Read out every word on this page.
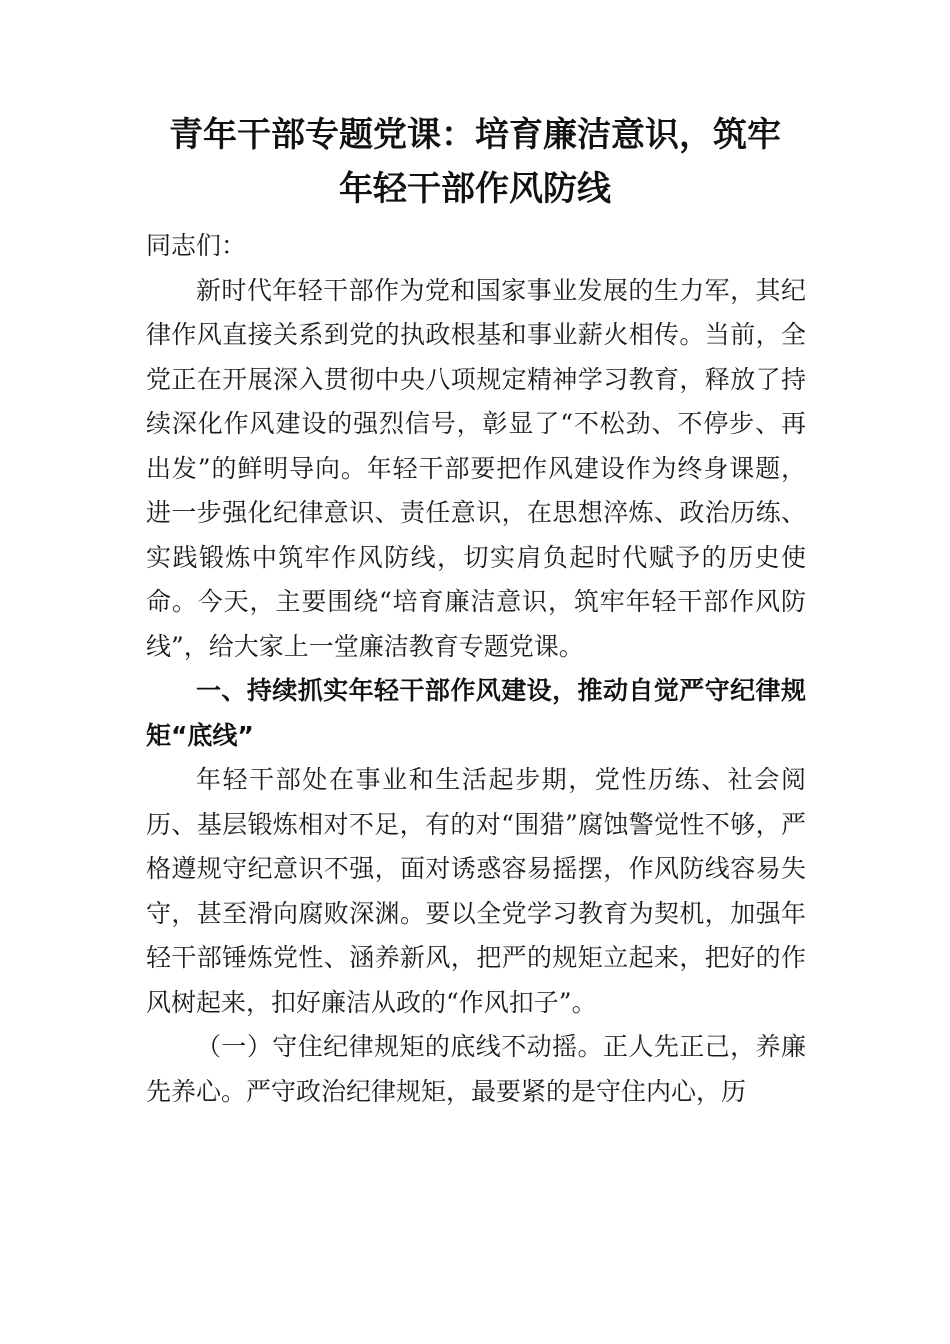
青年干部专题党课：培育廉洁意识，筑牢
年轻干部作风防线

同志们：

新时代年轻干部作为党和国家事业发展的生力军，其纪律作风直接关系到党的执政根基和事业薪火相传。当前，全党正在开展深入贯彻中央八项规定精神学习教育，释放了持续深化作风建设的强烈信号，彰显了“不松劲、不停步、再出发”的鲜明导向。年轻干部要把作风建设作为终身课题，进一步强化纪律意识、责任意识，在思想淬炼、政治历练、实践锻炼中筑牢作风防线，切实肩负起时代赋予的历史使命。今天，主要围绕“培育廉洁意识，筑牢年轻干部作风防线”，给大家上一堂廉洁教育专题党课。

一、持续抓实年轻干部作风建设，推动自觉严守纪律规矩“底线”

年轻干部处在事业和生活起步期，党性历练、社会阅历、基层锻炼相对不足，有的对“围猎”腐蚀警觉性不够，严格遵规守纪意识不强，面对诱惑容易摇摆，作风防线容易失守，甚至滑向腐败深渊。要以全党学习教育为契机，加强年轻干部锤炼党性、涵养新风，把严的规矩立起来，把好的作风树起来，扣好廉洁从政的“作风扣子”。

（一）守住纪律规矩的底线不动摇。正人先正己，养廉先养心。严守政治纪律规矩，最要紧的是守住内心，历
